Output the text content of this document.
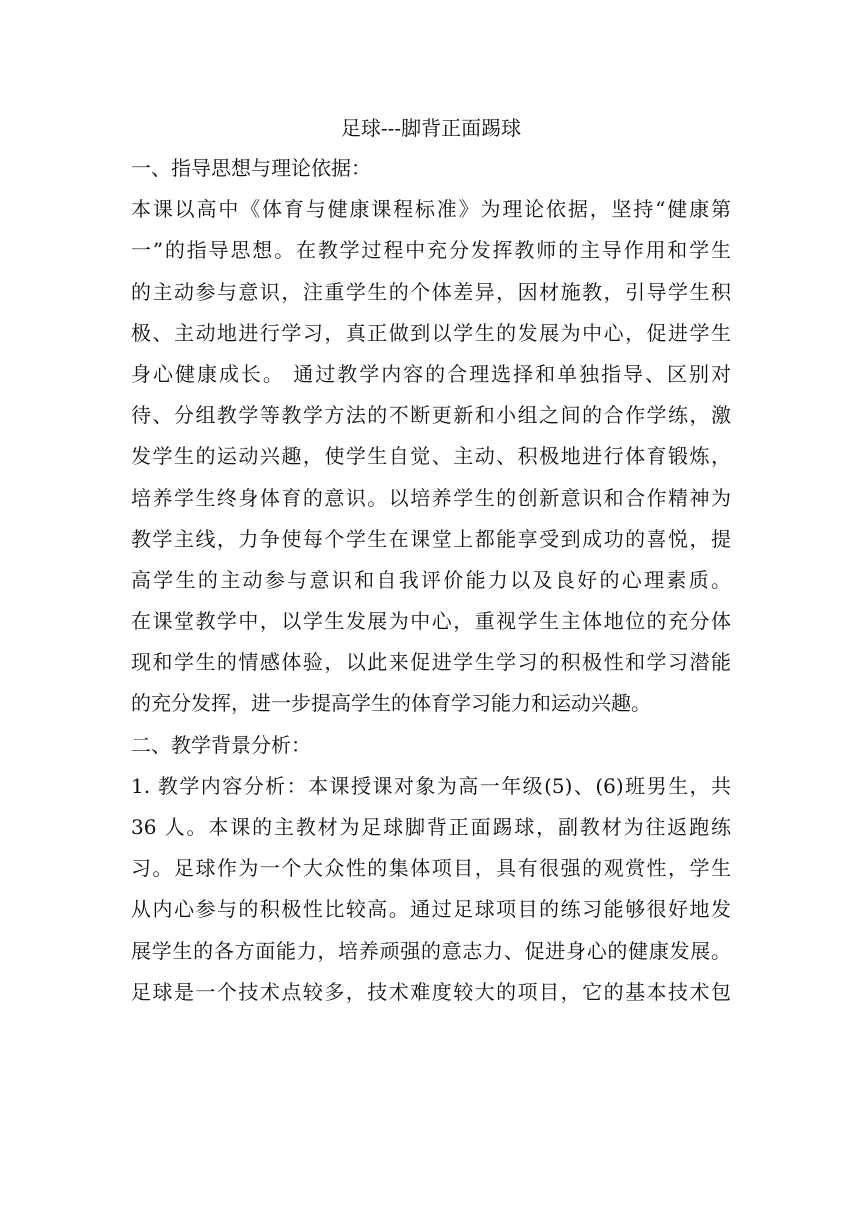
足球---脚背正面踢球
一、指导思想与理论依据：
本课以高中《体育与健康课程标准》为理论依据，坚持“健康第
一”的指导思想。在教学过程中充分发挥教师的主导作用和学生
的主动参与意识，注重学生的个体差异，因材施教，引导学生积
极、主动地进行学习，真正做到以学生的发展为中心，促进学生
身心健康成长。 通过教学内容的合理选择和单独指导、区别对
待、分组教学等教学方法的不断更新和小组之间的合作学练，激
发学生的运动兴趣，使学生自觉、主动、积极地进行体育锻炼，
培养学生终身体育的意识。以培养学生的创新意识和合作精神为
教学主线，力争使每个学生在课堂上都能享受到成功的喜悦，提
高学生的主动参与意识和自我评价能力以及良好的心理素质。
在课堂教学中，以学生发展为中心，重视学生主体地位的充分体
现和学生的情感体验，以此来促进学生学习的积极性和学习潜能
的充分发挥，进一步提高学生的体育学习能力和运动兴趣。
二、教学背景分析：
1. 教学内容分析：本课授课对象为高一年级(5)、(6)班男生，共
36 人。本课的主教材为足球脚背正面踢球，副教材为往返跑练
习。足球作为一个大众性的集体项目，具有很强的观赏性，学生
从内心参与的积极性比较高。通过足球项目的练习能够很好地发
展学生的各方面能力，培养顽强的意志力、促进身心的健康发展。
足球是一个技术点较多，技术难度较大的项目，它的基本技术包
